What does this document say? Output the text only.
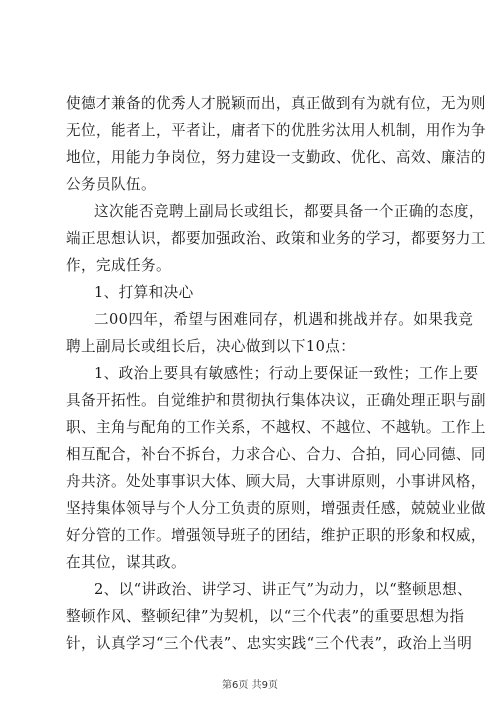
使德才兼备的优秀人才脱颖而出，真正做到有为就有位，无为则
无位，能者上，平者让，庸者下的优胜劣汰用人机制，用作为争
地位，用能力争岗位，努力建设一支勤政、优化、高效、廉洁的
公务员队伍。
这次能否竞聘上副局长或组长，都要具备一个正确的态度，
端正思想认识，都要加强政治、政策和业务的学习，都要努力工
作，完成任务。
1、打算和决心
二00四年，希望与困难同存，机遇和挑战并存。如果我竞
聘上副局长或组长后，决心做到以下10点：
1、政治上要具有敏感性；行动上要保证一致性；工作上要
具备开拓性。自觉维护和贯彻执行集体决议，正确处理正职与副
职、主角与配角的工作关系，不越权、不越位、不越轨。工作上
相互配合，补台不拆台，力求合心、合力、合拍，同心同德、同
舟共济。处处事事识大体、顾大局，大事讲原则，小事讲风格，
坚持集体领导与个人分工负责的原则，增强责任感，兢兢业业做
好分管的工作。增强领导班子的团结，维护正职的形象和权威，
在其位，谋其政。
2、以“讲政治、讲学习、讲正气”为动力，以“整顿思想、
整顿作风、整顿纪律”为契机，以“三个代表”的重要思想为指
针，认真学习“三个代表”、忠实实践“三个代表”，政治上当明
第6页 共9页
